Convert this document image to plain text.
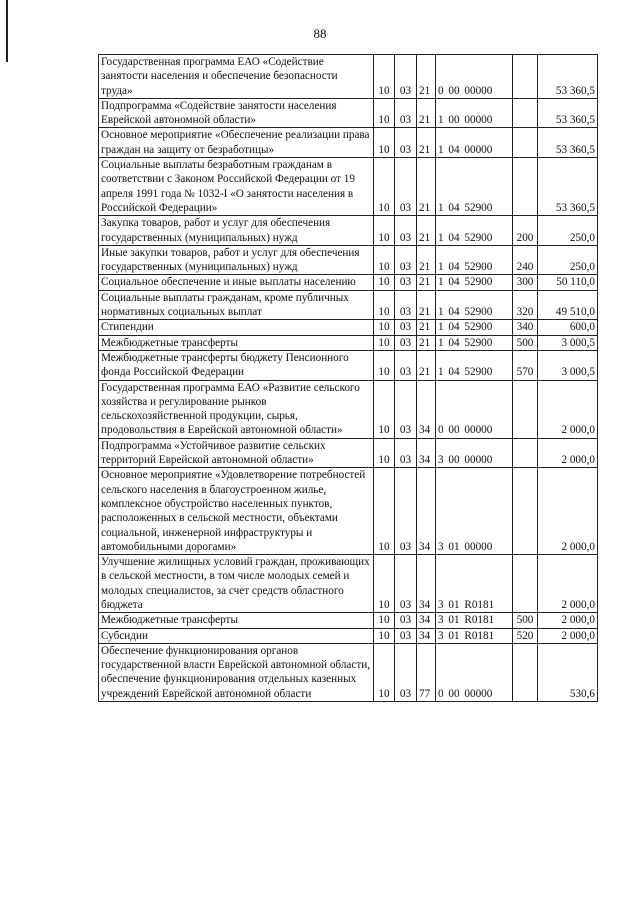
88
Государственная программа ЕАО «Содействие занятости населения и обеспечение безопасности труда»	10	03	21	0 00 00000		53 360,5
Подпрограмма «Содействие занятости населения Еврейской автономной области»	10	03	21	1 00 00000		53 360,5
Основное мероприятие «Обеспечение реализации права граждан на защиту от безработицы»	10	03	21	1 04 00000		53 360,5
Социальные выплаты безработным гражданам в соответствии с Законом Российской Федерации от 19 апреля 1991 года № 1032-I «О занятости населения в Российской Федерации»	10	03	21	1 04 52900		53 360,5
Закупка товаров, работ и услуг для обеспечения государственных (муниципальных) нужд	10	03	21	1 04 52900	200	250,0
Иные закупки товаров, работ и услуг для обеспечения государственных (муниципальных) нужд	10	03	21	1 04 52900	240	250,0
Социальное обеспечение и иные выплаты населению	10	03	21	1 04 52900	300	50 110,0
Социальные выплаты гражданам, кроме публичных нормативных социальных выплат	10	03	21	1 04 52900	320	49 510,0
Стипендии	10	03	21	1 04 52900	340	600,0
Межбюджетные трансферты	10	03	21	1 04 52900	500	3 000,5
Межбюджетные трансферты бюджету Пенсионного фонда Российской Федерации	10	03	21	1 04 52900	570	3 000,5
Государственная программа ЕАО «Развитие сельского хозяйства и регулирование рынков сельскохозяйственной продукции, сырья, продовольствия в Еврейской автономной области»	10	03	34	0 00 00000		2 000,0
Подпрограмма «Устойчивое развитие сельских территорий Еврейской автономной области»	10	03	34	3 00 00000		2 000,0
Основное мероприятие «Удовлетворение потребностей сельского населения в благоустроенном жилье, комплексное обустройство населенных пунктов, расположенных в сельской местности, объектами социальной, инженерной инфраструктуры и автомобильными дорогами»	10	03	34	3 01 00000		2 000,0
Улучшение жилищных условий граждан, проживающих в сельской местности, в том числе молодых семей и молодых специалистов, за счет средств областного бюджета	10	03	34	3 01 R0181		2 000,0
Межбюджетные трансферты	10	03	34	3 01 R0181	500	2 000,0
Субсидии	10	03	34	3 01 R0181	520	2 000,0
Обеспечение функционирования органов государственной власти Еврейской автономной области, обеспечение функционирования отдельных казенных учреждений Еврейской автономной области	10	03	77	0 00 00000		530,6
